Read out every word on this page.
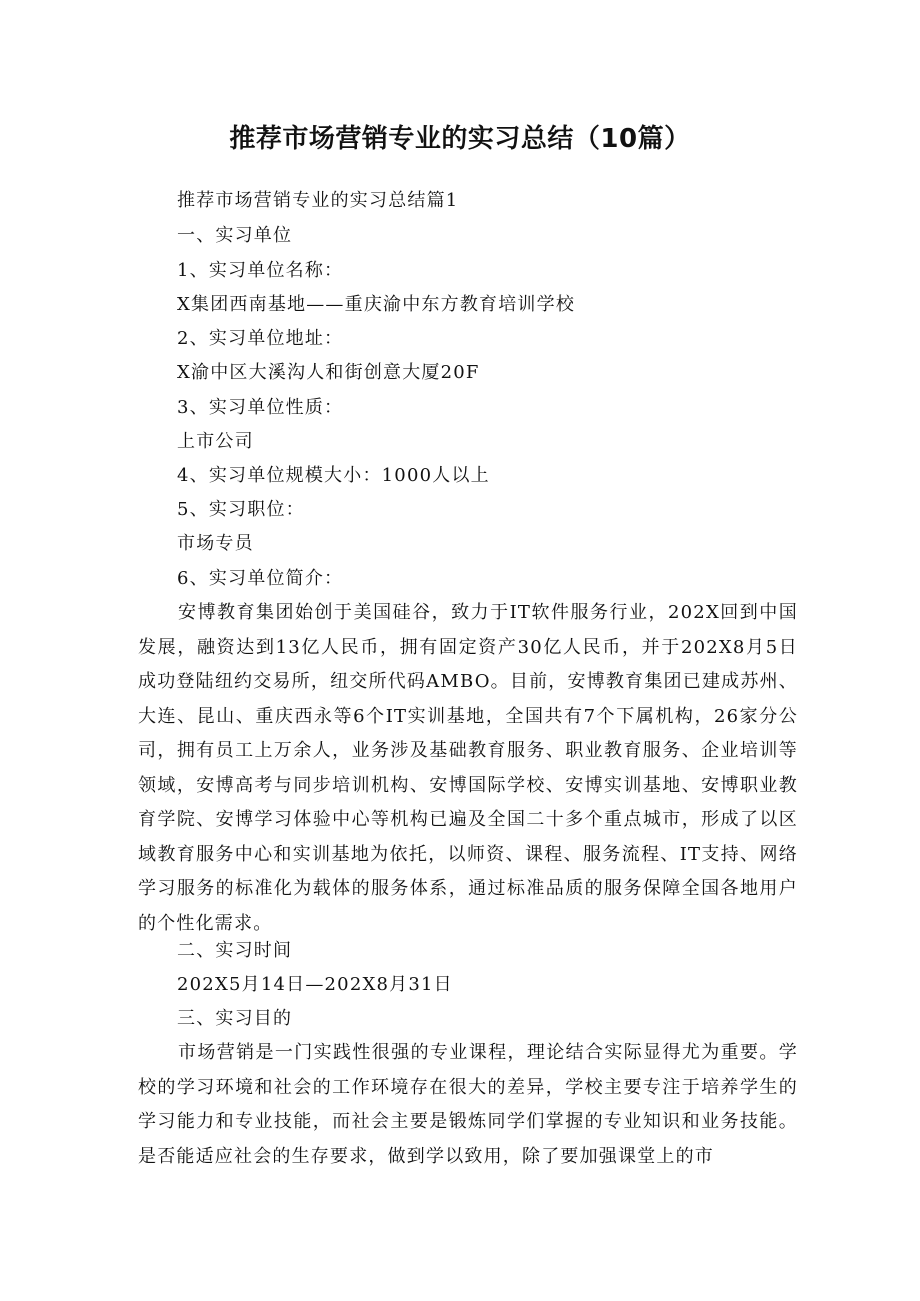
推荐市场营销专业的实习总结（10篇）

推荐市场营销专业的实习总结篇1

一、实习单位

1、实习单位名称：

X集团西南基地——重庆渝中东方教育培训学校

2、实习单位地址：

X渝中区大溪沟人和街创意大厦20F

3、实习单位性质：

上市公司

4、实习单位规模大小：1000人以上

5、实习职位：

市场专员

6、实习单位简介：

安博教育集团始创于美国硅谷，致力于IT软件服务行业，202X回到中国发展，融资达到13亿人民币，拥有固定资产30亿人民币，并于202X8月5日成功登陆纽约交易所，纽交所代码AMBO。目前，安博教育集团已建成苏州、大连、昆山、重庆西永等6个IT实训基地，全国共有7个下属机构，26家分公司，拥有员工上万余人，业务涉及基础教育服务、职业教育服务、企业培训等领域，安博高考与同步培训机构、安博国际学校、安博实训基地、安博职业教育学院、安博学习体验中心等机构已遍及全国二十多个重点城市，形成了以区域教育服务中心和实训基地为依托，以师资、课程、服务流程、IT支持、网络学习服务的标准化为载体的服务体系，通过标准品质的服务保障全国各地用户的个性化需求。

二、实习时间

202X5月14日—202X8月31日

三、实习目的

市场营销是一门实践性很强的专业课程，理论结合实际显得尤为重要。学校的学习环境和社会的工作环境存在很大的差异，学校主要专注于培养学生的学习能力和专业技能，而社会主要是锻炼同学们掌握的专业知识和业务技能。是否能适应社会的生存要求，做到学以致用，除了要加强课堂上的市
